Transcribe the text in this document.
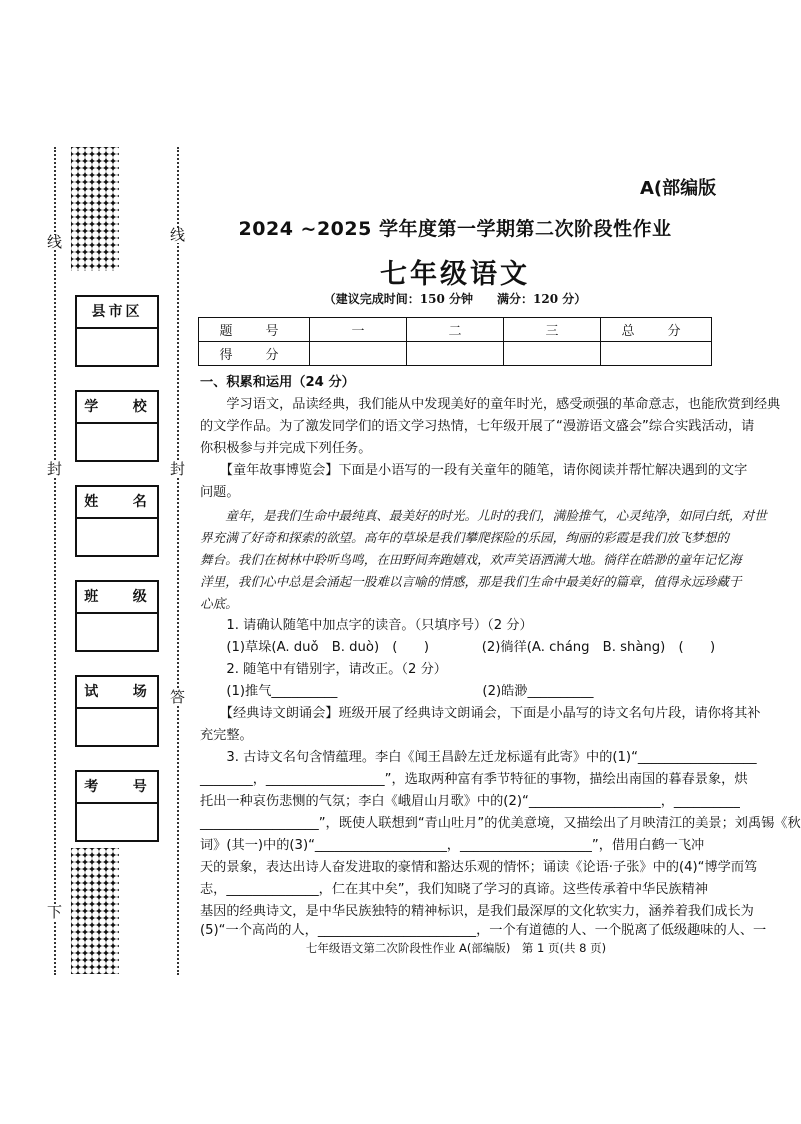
线
封
下
线
封
答
县市区
学    校
姓    名
班    级
试    场
考    号
A(部编版
2024 ~2025 学年度第一学期第二次阶段性作业
七年级语文
（建议完成时间：150 分钟　　满分：120 分）
题　号	一	二	三	总　分
得　分				
一、积累和运用（24 分）
　　学习语文，品读经典，我们能从中发现美好的童年时光，感受顽强的革命意志，也能欣赏到经典
的文学作品。为了激发同学们的语文学习热情，七年级开展了“漫游语文盛会”综合实践活动，请
你积极参与并完成下列任务。
　　【童年故事博览会】下面是小语写的一段有关童年的随笔，请你阅读并帮忙解决遇到的文字
问题。
　　童年，是我们生命中最纯真、最美好的时光。儿时的我们，满脸推气，心灵纯净，如同白纸，对世
界充满了好奇和探索的欲望。高年的草垛是我们攀爬探险的乐园，绚丽的彩霞是我们放飞梦想的
舞台。我们在树林中聆听鸟鸣，在田野间奔跑嬉戏，欢声笑语洒满大地。徜徉在皓渺的童年记忆海
洋里，我们心中总是会涌起一股难以言喻的情感，那是我们生命中最美好的篇章，值得永远珍藏于
心底。
　　1. 请确认随笔中加点字的读音。（只填序号）（2 分）
　　(1)草垛(A. duǒ　B. duò)　(　　)　　　　(2)徜徉(A. cháng　B. shàng)　(　　)
　　2. 随笔中有错别字，请改正。（2 分）
　　(1)推气__________　　　　　　　　　　　(2)皓渺__________
　　【经典诗文朗诵会】班级开展了经典诗文朗诵会，下面是小晶写的诗文名句片段，请你将其补
充完整。
　　3. 古诗文名句含情蕴理。李白《闻王昌龄左迁龙标遥有此寄》中的(1)“__________________
________，__________________”，选取两种富有季节特征的事物，描绘出南国的暮春景象，烘
托出一种哀伤悲恻的气氛；李白《峨眉山月歌》中的(2)“____________________，__________
__________________”，既使人联想到“青山吐月”的优美意境，又描绘出了月映清江的美景；刘禹锡《秋
词》(其一)中的(3)“____________________，____________________”，借用白鹤一飞冲
天的景象，表达出诗人奋发进取的豪情和豁达乐观的情怀；诵读《论语·子张》中的(4)“博学而笃
志，______________，仁在其中矣”，我们知晓了学习的真谛。这些传承着中华民族精神
基因的经典诗文，是中华民族独特的精神标识，是我们最深厚的文化软实力，涵养着我们成长为
(5)“一个高尚的人，________________________，一个有道德的人、一个脱离了低级趣味的人、一
七年级语文第二次阶段性作业 A(部编版)　第 1 页(共 8 页)
